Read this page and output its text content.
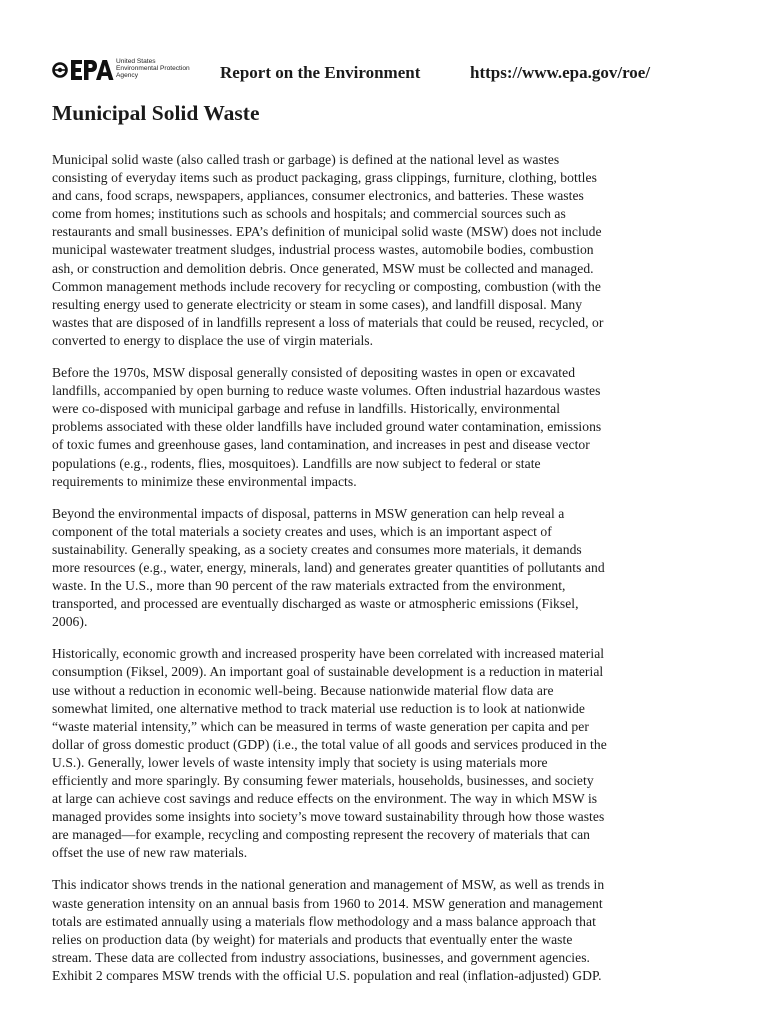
United States
Environmental Protection
Agency	Report on the Environment	https://www.epa.gov/roe/
Municipal Solid Waste

Municipal solid waste (also called trash or garbage) is defined at the national level as wastes
consisting of everyday items such as product packaging, grass clippings, furniture, clothing, bottles
and cans, food scraps, newspapers, appliances, consumer electronics, and batteries. These wastes
come from homes; institutions such as schools and hospitals; and commercial sources such as
restaurants and small businesses. EPA’s definition of municipal solid waste (MSW) does not include
municipal wastewater treatment sludges, industrial process wastes, automobile bodies, combustion
ash, or construction and demolition debris. Once generated, MSW must be collected and managed.
Common management methods include recovery for recycling or composting, combustion (with the
resulting energy used to generate electricity or steam in some cases), and landfill disposal. Many
wastes that are disposed of in landfills represent a loss of materials that could be reused, recycled, or
converted to energy to displace the use of virgin materials.

Before the 1970s, MSW disposal generally consisted of depositing wastes in open or excavated
landfills, accompanied by open burning to reduce waste volumes. Often industrial hazardous wastes
were co-disposed with municipal garbage and refuse in landfills. Historically, environmental
problems associated with these older landfills have included ground water contamination, emissions
of toxic fumes and greenhouse gases, land contamination, and increases in pest and disease vector
populations (e.g., rodents, flies, mosquitoes). Landfills are now subject to federal or state
requirements to minimize these environmental impacts.

Beyond the environmental impacts of disposal, patterns in MSW generation can help reveal a
component of the total materials a society creates and uses, which is an important aspect of
sustainability. Generally speaking, as a society creates and consumes more materials, it demands
more resources (e.g., water, energy, minerals, land) and generates greater quantities of pollutants and
waste. In the U.S., more than 90 percent of the raw materials extracted from the environment,
transported, and processed are eventually discharged as waste or atmospheric emissions (Fiksel,
2006).

Historically, economic growth and increased prosperity have been correlated with increased material
consumption (Fiksel, 2009). An important goal of sustainable development is a reduction in material
use without a reduction in economic well-being. Because nationwide material flow data are
somewhat limited, one alternative method to track material use reduction is to look at nationwide
“waste material intensity,” which can be measured in terms of waste generation per capita and per
dollar of gross domestic product (GDP) (i.e., the total value of all goods and services produced in the
U.S.). Generally, lower levels of waste intensity imply that society is using materials more
efficiently and more sparingly. By consuming fewer materials, households, businesses, and society
at large can achieve cost savings and reduce effects on the environment. The way in which MSW is
managed provides some insights into society’s move toward sustainability through how those wastes
are managed—for example, recycling and composting represent the recovery of materials that can
offset the use of new raw materials.

This indicator shows trends in the national generation and management of MSW, as well as trends in
waste generation intensity on an annual basis from 1960 to 2014. MSW generation and management
totals are estimated annually using a materials flow methodology and a mass balance approach that
relies on production data (by weight) for materials and products that eventually enter the waste
stream. These data are collected from industry associations, businesses, and government agencies.
Exhibit 2 compares MSW trends with the official U.S. population and real (inflation-adjusted) GDP.
